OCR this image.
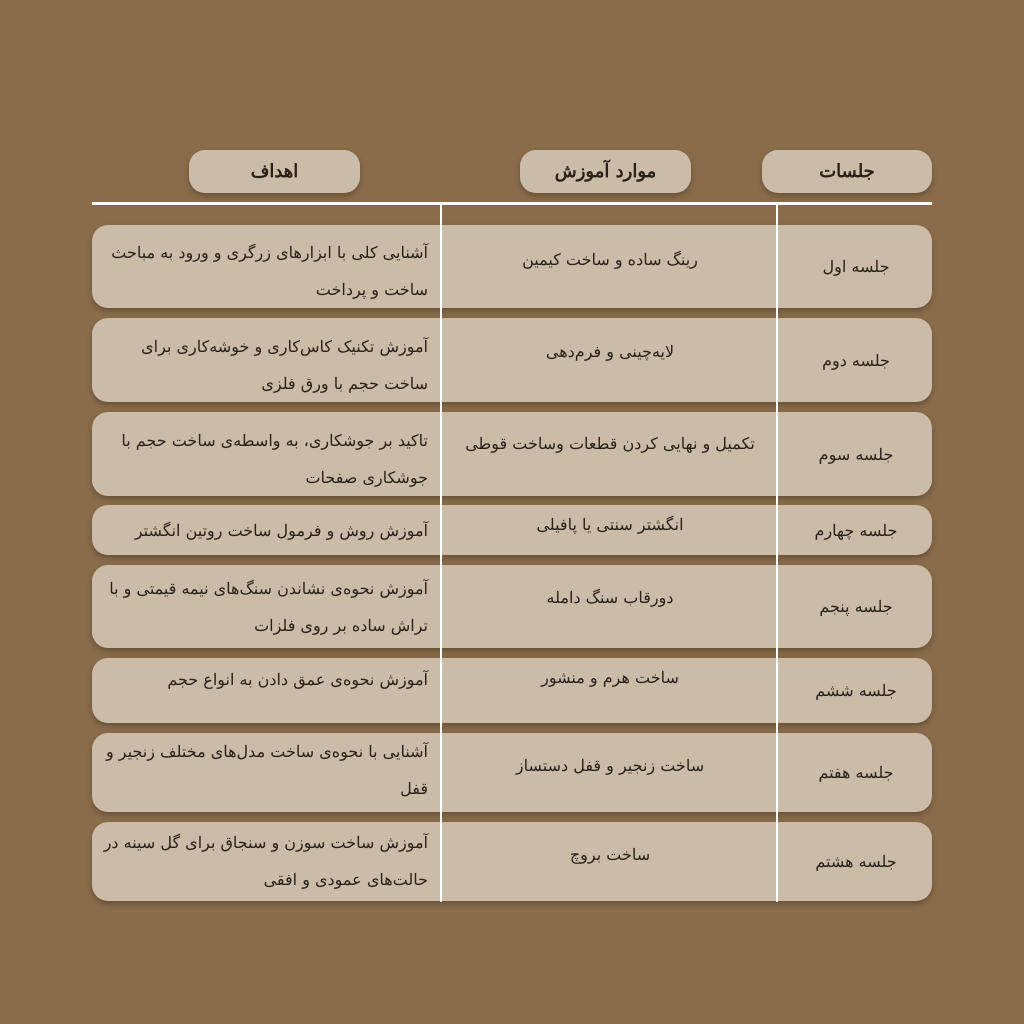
جلسات
موارد آموزش
اهداف
جلسه اول
رینگ ساده و ساخت کیمین
آشنایی کلی با ابزارهای زرگری و ورود به مباحث ساخت و پرداخت
جلسه دوم
لایه‌چینی و فرم‌دهی
آموزش تکنیک کاس‌کاری و خوشه‌کاری برای ساخت حجم با ورق فلزی
جلسه سوم
تکمیل و نهایی کردن قطعات وساخت قوطی
تاکید بر جوشکاری، به واسطه‌ی ساخت حجم با جوشکاری صفحات
جلسه چهارم
انگشتر سنتی یا پافیلی
آموزش روش و فرمول ساخت روتین انگشتر
جلسه پنجم
دورقاب سنگ دامله
آموزش نحوه‌ی نشاندن سنگ‌های نیمه قیمتی و با تراش ساده بر روی فلزات
جلسه ششم
ساخت هرم و منشور
آموزش نحوه‌ی عمق دادن به انواع حجم
جلسه هفتم
ساخت زنجیر و قفل دستساز
آشنایی با نحوه‌ی ساخت مدل‌های مختلف زنجیر و قفل
جلسه هشتم
ساخت بروچ
آموزش ساخت سوزن و سنجاق برای گل سینه در حالت‌های عمودی و افقی
